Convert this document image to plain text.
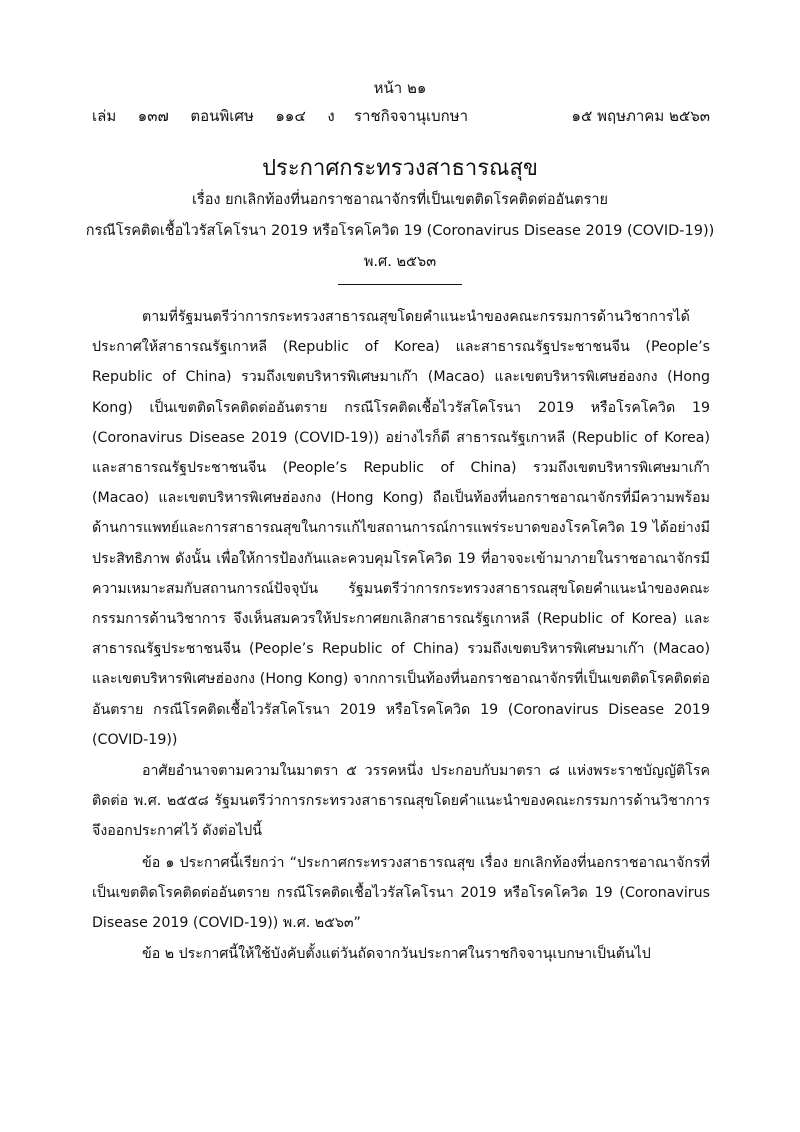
หน้า ๒๑
เล่ม ๑๓๗ ตอนพิเศษ ๑๑๔ ง ราชกิจจานุเบกษา	๑๕ พฤษภาคม ๒๕๖๓
ประกาศกระทรวงสาธารณสุข
เรื่อง ยกเลิกท้องที่นอกราชอาณาจักรที่เป็นเขตติดโรคติดต่ออันตราย
กรณีโรคติดเชื้อไวรัสโคโรนา 2019 หรือโรคโควิด 19 (Coronavirus Disease 2019 (COVID-19))
พ.ศ. ๒๕๖๓

ตามที่รัฐมนตรีว่าการกระทรวงสาธารณสุขโดยคำแนะนำของคณะกรรมการด้านวิชาการได้ประกาศให้สาธารณรัฐเกาหลี (Republic of Korea) และสาธารณรัฐประชาชนจีน (People’s Republic of China) รวมถึงเขตบริหารพิเศษมาเก๊า (Macao) และเขตบริหารพิเศษฮ่องกง (Hong Kong) เป็นเขตติดโรคติดต่ออันตราย กรณีโรคติดเชื้อไวรัสโคโรนา 2019 หรือโรคโควิด 19 (Coronavirus Disease 2019 (COVID-19)) อย่างไรก็ดี สาธารณรัฐเกาหลี (Republic of Korea) และสาธารณรัฐประชาชนจีน (People’s Republic of China) รวมถึงเขตบริหารพิเศษมาเก๊า (Macao) และเขตบริหารพิเศษฮ่องกง (Hong Kong) ถือเป็นท้องที่นอกราชอาณาจักรที่มีความพร้อมด้านการแพทย์และการสาธารณสุขในการแก้ไขสถานการณ์การแพร่ระบาดของโรคโควิด 19 ได้อย่างมีประสิทธิภาพ ดังนั้น เพื่อให้การป้องกันและควบคุมโรคโควิด 19 ที่อาจจะเข้ามาภายในราชอาณาจักรมีความเหมาะสมกับสถานการณ์ปัจจุบัน รัฐมนตรีว่าการกระทรวงสาธารณสุขโดยคำแนะนำของคณะกรรมการด้านวิชาการ จึงเห็นสมควรให้ประกาศยกเลิกสาธารณรัฐเกาหลี (Republic of Korea) และสาธารณรัฐประชาชนจีน (People’s Republic of China) รวมถึงเขตบริหารพิเศษมาเก๊า (Macao) และเขตบริหารพิเศษฮ่องกง (Hong Kong) จากการเป็นท้องที่นอกราชอาณาจักรที่เป็นเขตติดโรคติดต่ออันตราย กรณีโรคติดเชื้อไวรัสโคโรนา 2019 หรือโรคโควิด 19 (Coronavirus Disease 2019 (COVID-19))

อาศัยอำนาจตามความในมาตรา ๕ วรรคหนึ่ง ประกอบกับมาตรา ๘ แห่งพระราชบัญญัติโรคติดต่อ พ.ศ. ๒๕๕๘ รัฐมนตรีว่าการกระทรวงสาธารณสุขโดยคำแนะนำของคณะกรรมการด้านวิชาการ จึงออกประกาศไว้ ดังต่อไปนี้

ข้อ ๑ ประกาศนี้เรียกว่า “ประกาศกระทรวงสาธารณสุข เรื่อง ยกเลิกท้องที่นอกราชอาณาจักรที่เป็นเขตติดโรคติดต่ออันตราย กรณีโรคติดเชื้อไวรัสโคโรนา 2019 หรือโรคโควิด 19 (Coronavirus Disease 2019 (COVID-19)) พ.ศ. ๒๕๖๓”

ข้อ ๒ ประกาศนี้ให้ใช้บังคับตั้งแต่วันถัดจากวันประกาศในราชกิจจานุเบกษาเป็นต้นไป
